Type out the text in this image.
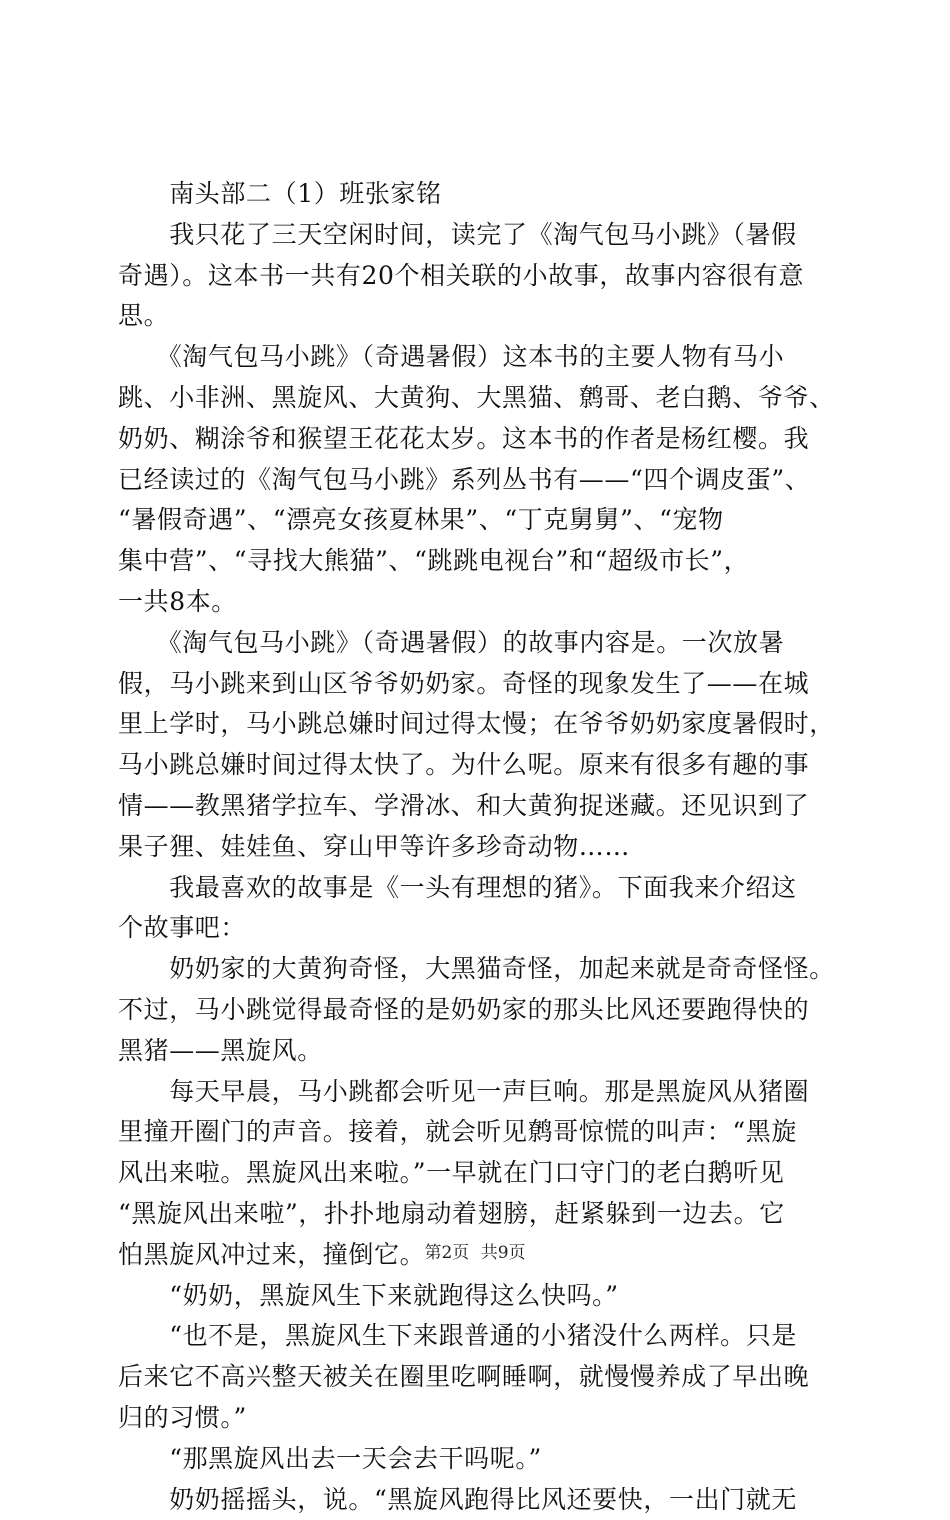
　　南头部二（1）班张家铭
　　我只花了三天空闲时间，读完了《淘气包马小跳》（暑假
奇遇）。这本书一共有20个相关联的小故事，故事内容很有意
思。
　　《淘气包马小跳》（奇遇暑假）这本书的主要人物有马小
跳、小非洲、黑旋风、大黄狗、大黑猫、鹩哥、老白鹅、爷爷、
奶奶、糊涂爷和猴望王花花太岁。这本书的作者是杨红樱。我
已经读过的《淘气包马小跳》系列丛书有——“四个调皮蛋”、
“暑假奇遇”、“漂亮女孩夏林果”、“丁克舅舅”、“宠物
集中营”、“寻找大熊猫”、“跳跳电视台”和“超级市长”，
一共8本。
　　《淘气包马小跳》（奇遇暑假）的故事内容是。一次放暑
假，马小跳来到山区爷爷奶奶家。奇怪的现象发生了——在城
里上学时，马小跳总嫌时间过得太慢；在爷爷奶奶家度暑假时，
马小跳总嫌时间过得太快了。为什么呢。原来有很多有趣的事
情——教黑猪学拉车、学滑冰、和大黄狗捉迷藏。还见识到了
果子狸、娃娃鱼、穿山甲等许多珍奇动物……
　　我最喜欢的故事是《一头有理想的猪》。下面我来介绍这
个故事吧：
　　奶奶家的大黄狗奇怪，大黑猫奇怪，加起来就是奇奇怪怪。
不过，马小跳觉得最奇怪的是奶奶家的那头比风还要跑得快的
黑猪——黑旋风。
　　每天早晨，马小跳都会听见一声巨响。那是黑旋风从猪圈
里撞开圈门的声音。接着，就会听见鹩哥惊慌的叫声：“黑旋
风出来啦。黑旋风出来啦。”一早就在门口守门的老白鹅听见
“黑旋风出来啦”，扑扑地扇动着翅膀，赶紧躲到一边去。它
怕黑旋风冲过来，撞倒它。
　　“奶奶，黑旋风生下来就跑得这么快吗。”
　　“也不是，黑旋风生下来跟普通的小猪没什么两样。只是
后来它不高兴整天被关在圈里吃啊睡啊，就慢慢养成了早出晚
归的习惯。”
　　“那黑旋风出去一天会去干吗呢。”
　　奶奶摇摇头，说。“黑旋风跑得比风还要快，一出门就无
第2页 共9页
